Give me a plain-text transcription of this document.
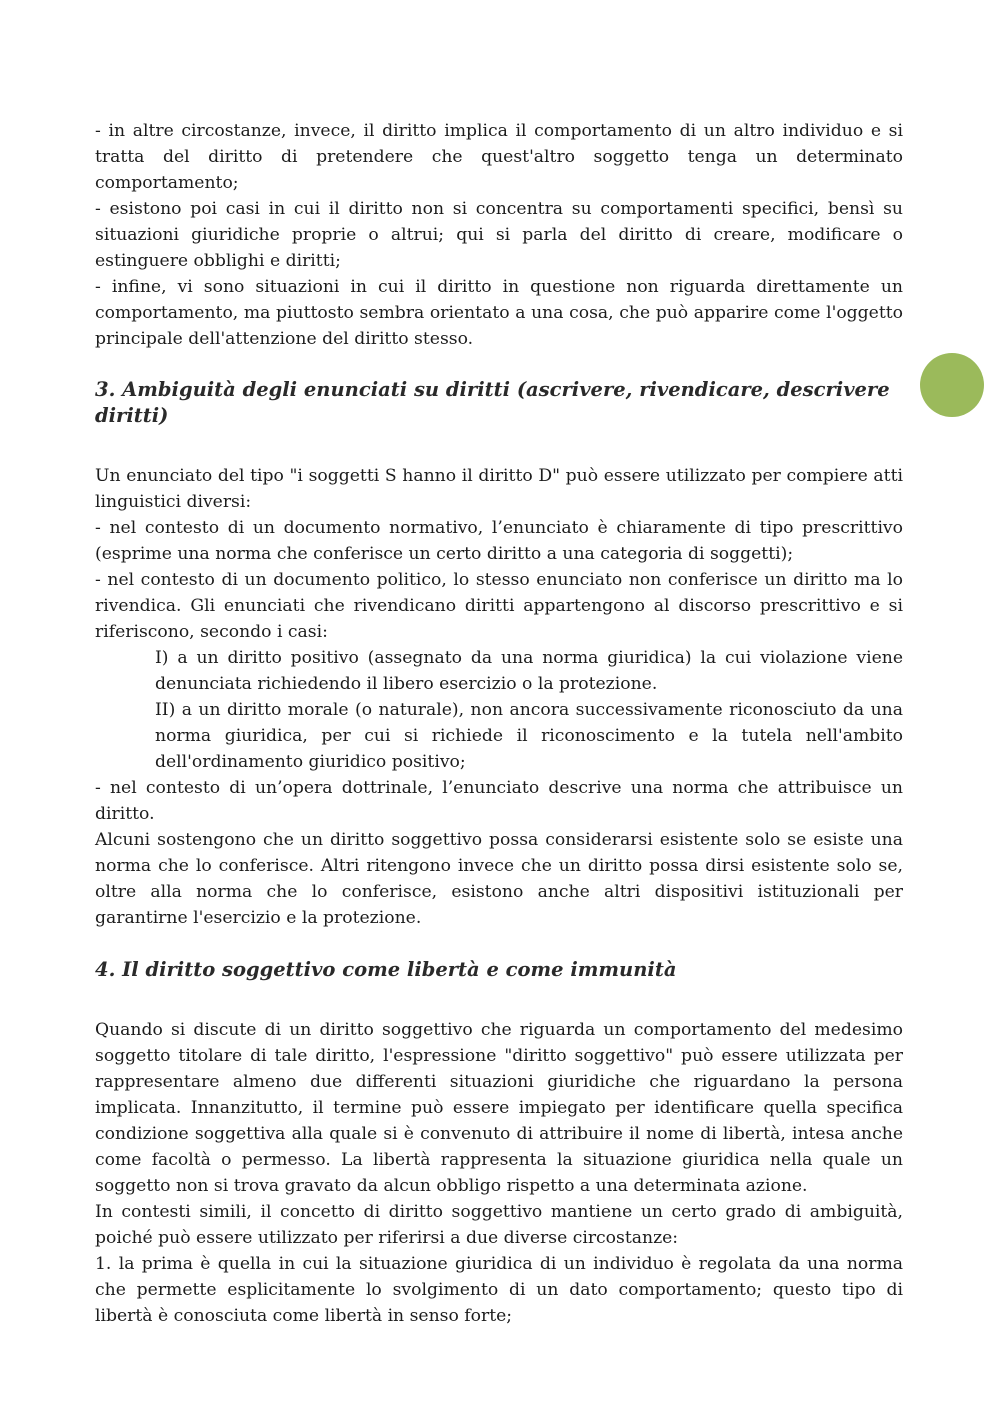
- in altre circostanze, invece, il diritto implica il comportamento di un altro individuo e si tratta del diritto di pretendere che quest'altro soggetto tenga un determinato comportamento;

- esistono poi casi in cui il diritto non si concentra su comportamenti specifici, bensì su situazioni giuridiche proprie o altrui; qui si parla del diritto di creare, modificare o estinguere obblighi e diritti;

- infine, vi sono situazioni in cui il diritto in questione non riguarda direttamente un comportamento, ma piuttosto sembra orientato a una cosa, che può apparire come l'oggetto principale dell'attenzione del diritto stesso.

3. Ambiguità degli enunciati su diritti (ascrivere, rivendicare, descrivere diritti)

Un enunciato del tipo "i soggetti S hanno il diritto D" può essere utilizzato per compiere atti linguistici diversi:

- nel contesto di un documento normativo, l’enunciato è chiaramente di tipo prescrittivo (esprime una norma che conferisce un certo diritto a una categoria di soggetti);

- nel contesto di un documento politico, lo stesso enunciato non conferisce un diritto ma lo rivendica. Gli enunciati che rivendicano diritti appartengono al discorso prescrittivo e si riferiscono, secondo i casi:

I) a un diritto positivo (assegnato da una norma giuridica) la cui violazione viene denunciata richiedendo il libero esercizio o la protezione.

II) a un diritto morale (o naturale), non ancora successivamente riconosciuto da una norma giuridica, per cui si richiede il riconoscimento e la tutela nell'ambito dell'ordinamento giuridico positivo;

- nel contesto di un’opera dottrinale, l’enunciato descrive una norma che attribuisce un diritto.

Alcuni sostengono che un diritto soggettivo possa considerarsi esistente solo se esiste una norma che lo conferisce. Altri ritengono invece che un diritto possa dirsi esistente solo se, oltre alla norma che lo conferisce, esistono anche altri dispositivi istituzionali per garantirne l'esercizio e la protezione.

4. Il diritto soggettivo come libertà e come immunità

Quando si discute di un diritto soggettivo che riguarda un comportamento del medesimo soggetto titolare di tale diritto, l'espressione "diritto soggettivo" può essere utilizzata per rappresentare almeno due differenti situazioni giuridiche che riguardano la persona implicata. Innanzitutto, il termine può essere impiegato per identificare quella specifica condizione soggettiva alla quale si è convenuto di attribuire il nome di libertà, intesa anche come facoltà o permesso. La libertà rappresenta la situazione giuridica nella quale un soggetto non si trova gravato da alcun obbligo rispetto a una determinata azione.

In contesti simili, il concetto di diritto soggettivo mantiene un certo grado di ambiguità, poiché può essere utilizzato per riferirsi a due diverse circostanze:

1. la prima è quella in cui la situazione giuridica di un individuo è regolata da una norma che permette esplicitamente lo svolgimento di un dato comportamento; questo tipo di libertà è conosciuta come libertà in senso forte;
